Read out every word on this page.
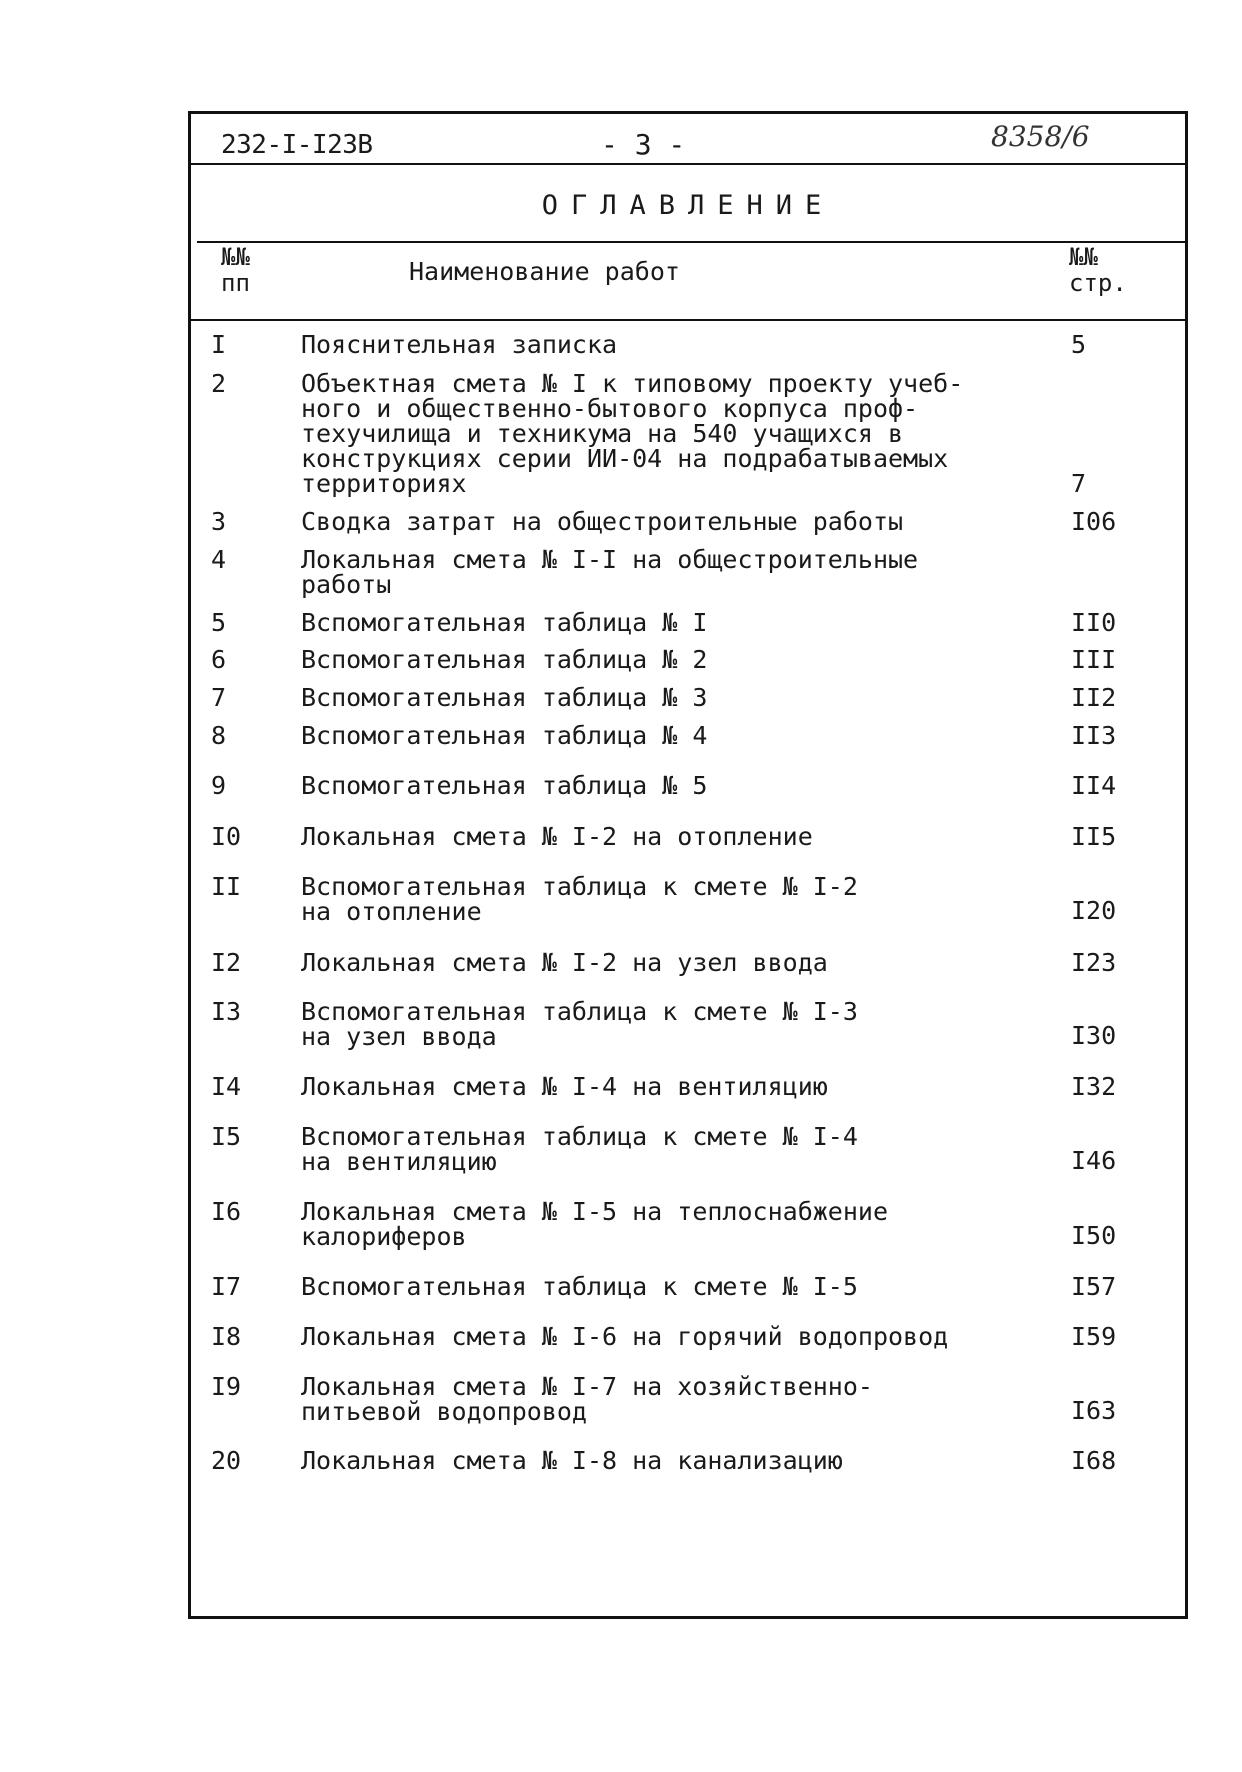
232-I-I23B	- 3 -	8358/6
ОГЛАВЛЕНИЕ
№№
пп	Наименование работ	№№
стр.
I	Пояснительная записка	5
2	Объектная смета № I к типовому проекту учеб-
ного и общественно-бытового корпуса проф-
техучилища и техникума на 540 учащихся в
конструкциях серии ИИ-04 на подрабатываемых
территориях	7
3	Сводка затрат на общестроительные работы	I06
4	Локальная смета № I-I на общестроительные
работы
5	Вспомогательная таблица № I	II0
6	Вспомогательная таблица № 2	III
7	Вспомогательная таблица № 3	II2
8	Вспомогательная таблица № 4	II3
9	Вспомогательная таблица № 5	II4
I0	Локальная смета № I-2 на отопление	II5
II	Вспомогательная таблица к смете № I-2
на отопление	I20
I2	Локальная смета № I-2 на узел ввода	I23
I3	Вспомогательная таблица к смете № I-3
на узел ввода	I30
I4	Локальная смета № I-4 на вентиляцию	I32
I5	Вспомогательная таблица к смете № I-4
на вентиляцию	I46
I6	Локальная смета № I-5 на теплоснабжение
калориферов	I50
I7	Вспомогательная таблица к смете № I-5	I57
I8	Локальная смета № I-6 на горячий водопровод	I59
I9	Локальная смета № I-7 на хозяйственно-
питьевой водопровод	I63
20	Локальная смета № I-8 на канализацию	I68
